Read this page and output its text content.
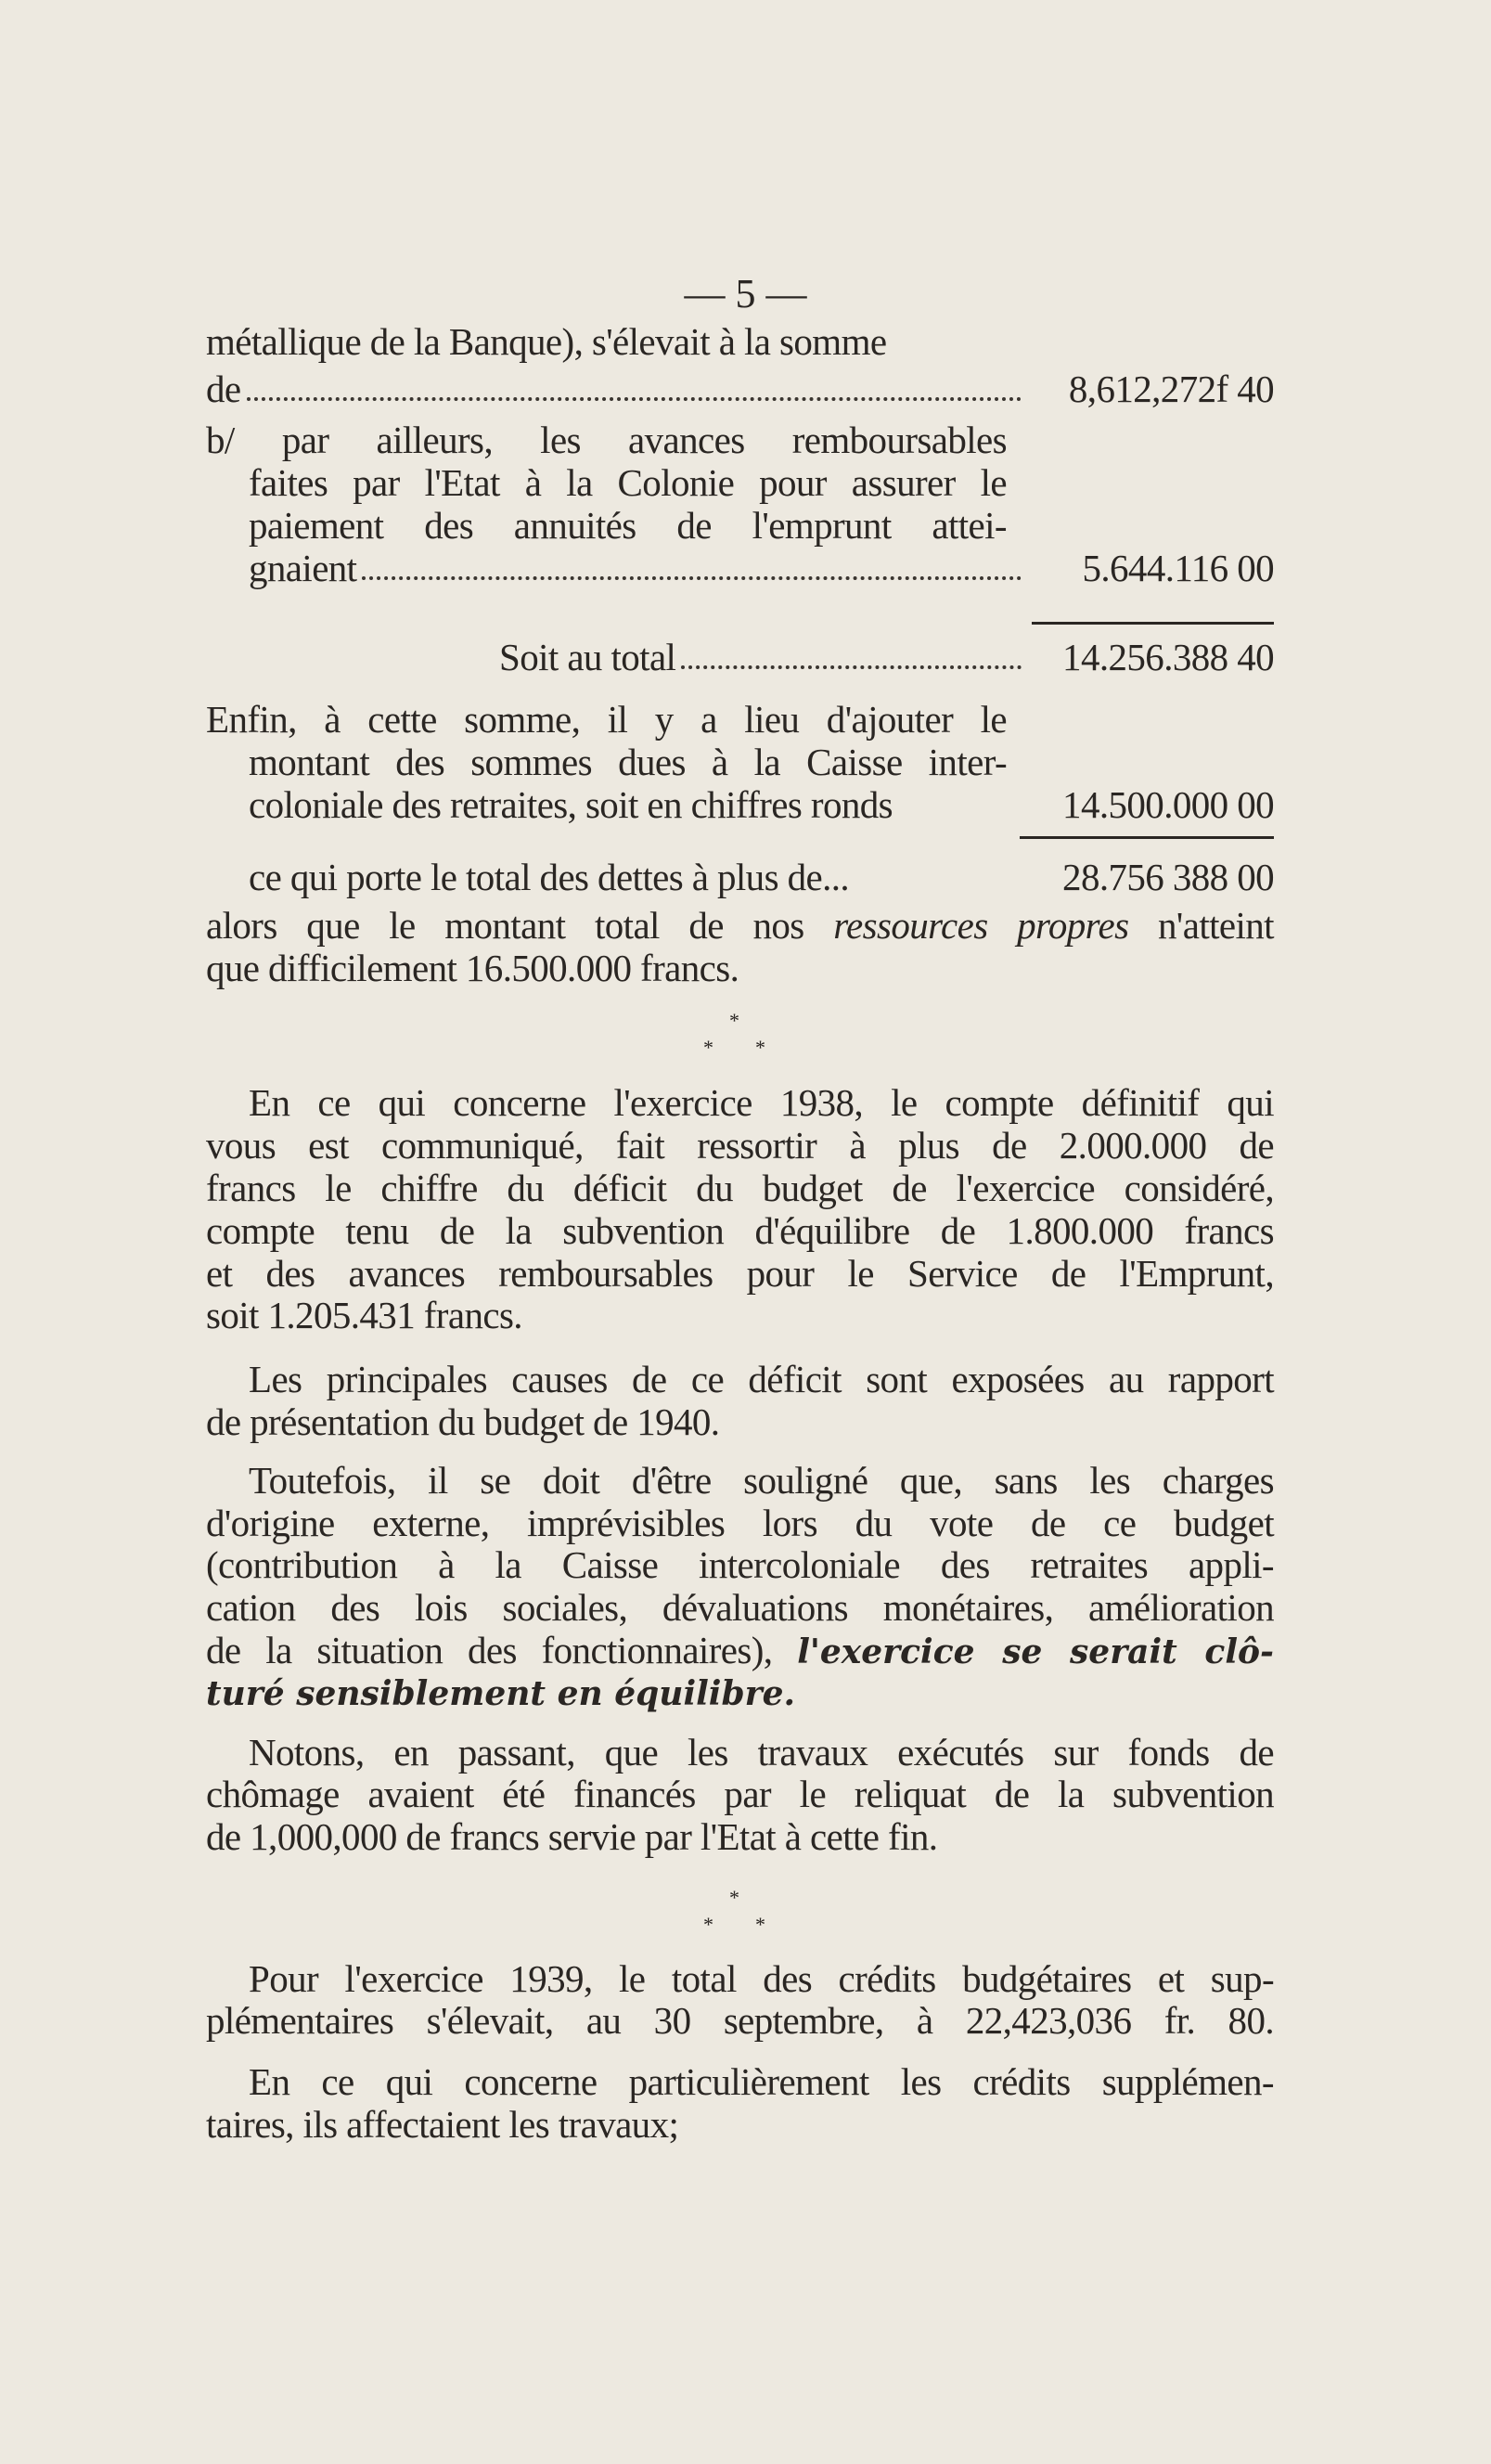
— 5 —
métallique de la Banque), s'élevait à la somme
de	8,612,272f 40
b/ par ailleurs, les avances remboursables
faites par l'Etat à la Colonie pour assurer le
paiement des annuités de l'emprunt attei-
gnaient	5.644.116 00
Soit au total	14.256.388 40
Enfin, à cette somme, il y a lieu d'ajouter le
montant des sommes dues à la Caisse inter-
coloniale des retraites, soit en chiffres ronds	14.500.000 00
ce qui porte le total des dettes à plus de...	28.756 388 00
alors que le montant total de nos ressources propres n'atteint
que difficilement 16.500.000 francs.
*
* *
En ce qui concerne l'exercice 1938, le compte définitif qui
vous est communiqué, fait ressortir à plus de 2.000.000 de
francs le chiffre du déficit du budget de l'exercice considéré,
compte tenu de la subvention d'équilibre de 1.800.000 francs
et des avances remboursables pour le Service de l'Emprunt,
soit 1.205.431 francs.
Les principales causes de ce déficit sont exposées au rapport
de présentation du budget de 1940.
Toutefois, il se doit d'être souligné que, sans les charges
d'origine externe, imprévisibles lors du vote de ce budget
(contribution à la Caisse intercoloniale des retraites appli-
cation des lois sociales, dévaluations monétaires, amélioration
de la situation des fonctionnaires), l'exercice se serait clô-
turé sensiblement en équilibre.
Notons, en passant, que les travaux exécutés sur fonds de
chômage avaient été financés par le reliquat de la subvention
de 1,000,000 de francs servie par l'Etat à cette fin.
*
* *
Pour l'exercice 1939, le total des crédits budgétaires et sup-
plémentaires s'élevait, au 30 septembre, à 22,423,036 fr. 80.
En ce qui concerne particulièrement les crédits supplémen-
taires, ils affectaient les travaux;
